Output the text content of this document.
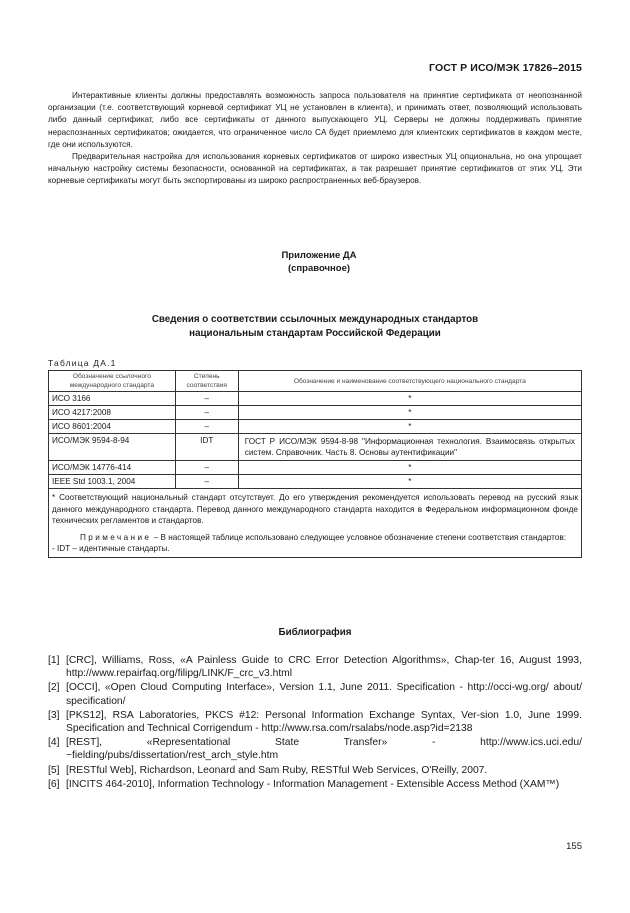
ГОСТ Р ИСО/МЭК 17826–2015

Интерактивные клиенты должны предоставлять возможность запроса пользователя на принятие сертификата от неопознанной организации (т.е. соответствующий корневой сертификат УЦ не установлен в клиента), и принимать ответ, позволяющий использовать либо данный сертификат, либо все сертификаты от данного выпускающего УЦ. Серверы не должны поддерживать принятие нераспознанных сертификатов; ожидается, что ограниченное число CA будет приемлемо для клиентских сертификатов в каждом месте, где они используются.

Предварительная настройка для использования корневых сертификатов от широко известных УЦ опциональна, но она упрощает начальную настройку системы безопасности, основанной на сертификатах, а так разрешает принятие сертификатов от этих УЦ. Эти корневые сертификаты могут быть экспортированы из широко распространенных веб-браузеров.

Приложение ДА
(справочное)
Сведения о соответствии ссылочных международных стандартов
национальным стандартам Российской Федерации
Таблица ДА.1
Обозначение ссылочного международного стандарта	Степень соответствия	Обозначение и наименование соответствующего национального стандарта
ИСО 3166	–	*
ИСО 4217:2008	–	*
ИСО 8601:2004	–	*
ИСО/МЭК 9594-8-94	IDT	ГОСТ Р ИСО/МЭК 9594-8-98 "Информационная технология. Взаимосвязь открытых систем. Справочник. Часть 8. Основы аутентификации"
ИСО/МЭК 14776-414	–	*
IEEE Std 1003.1, 2004	–	*
* Соответствующий национальный стандарт отсутствует. До его утверждения рекомендуется использовать перевод на русский язык данного международного стандарта. Перевод данного международного стандарта находится в Федеральном информационном фонде технических регламентов и стандартов.
Примечание – В настоящей таблице использовано следующее условное обозначение степени соответствия стандартов:
- IDT – идентичные стандарты.		
Библиография
[1] [CRC], Williams, Ross, «A Painless Guide to CRC Error Detection Algorithms», Chap-ter 16, August 1993, http://www.repairfaq.org/filipg/LINK/F_crc_v3.html
[2] [OCCI], «Open Cloud Computing Interface», Version 1.1, June 2011. Specification - http://occi-wg.org/ about/ specification/
[3] [PKS12], RSA Laboratories, PKCS #12: Personal Information Exchange Syntax, Ver-sion 1.0, June 1999. Specification and Technical Corrigendum - http://www.rsa.com/rsalabs/node.asp?id=2138
[4] [REST], «Representational State Transfer» - http://www.ics.uci.edu/ ~fielding/pubs/dissertation/rest_arch_style.htm
[5] [RESTful Web], Richardson, Leonard and Sam Ruby, RESTful Web Services, O'Reilly, 2007.
[6] [INCITS 464-2010], Information Technology - Information Management - Extensible Access Method (XAM™)
155
